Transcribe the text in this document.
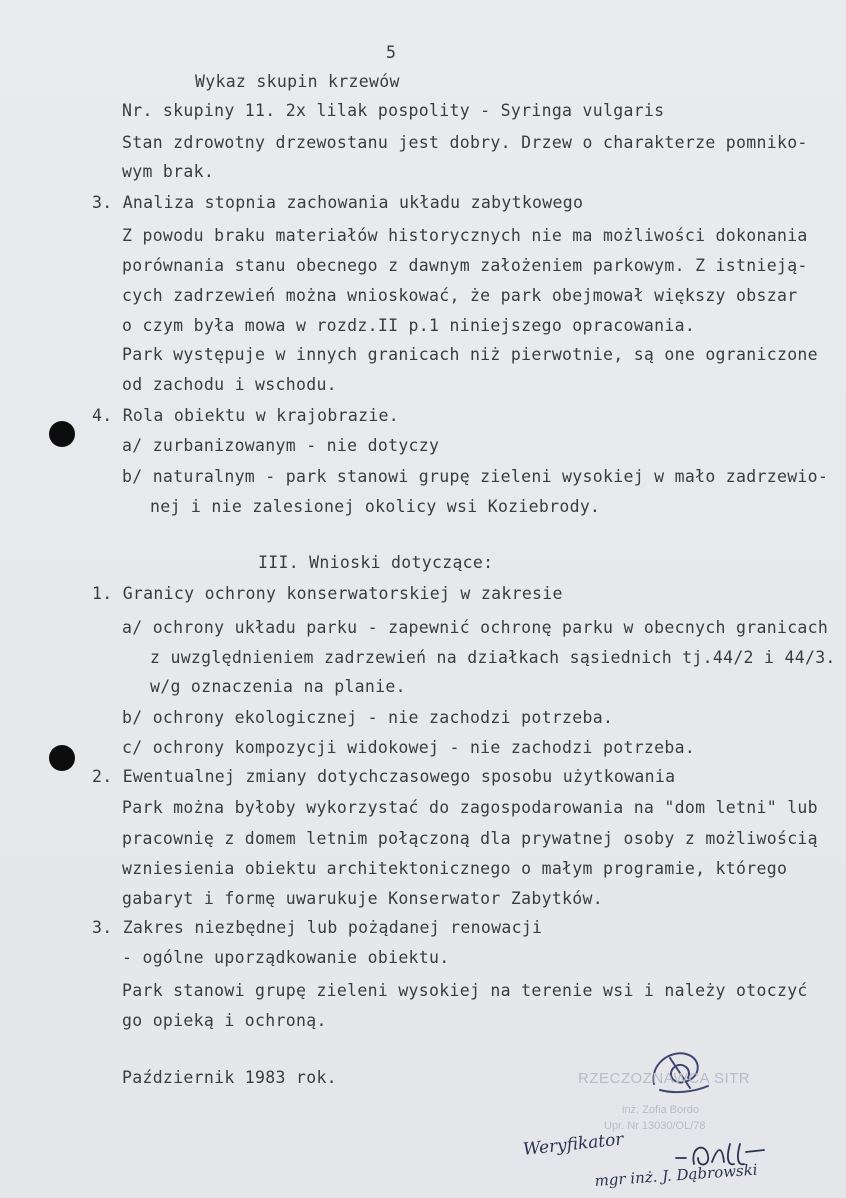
5
Wykaz skupin krzewów
Nr. skupiny 11. 2x lilak pospolity - Syringa vulgaris
Stan zdrowotny drzewostanu jest dobry. Drzew o charakterze pomniko-
wym brak.
3. Analiza stopnia zachowania układu zabytkowego
Z powodu braku materiałów historycznych nie ma możliwości dokonania
porównania stanu obecnego z dawnym założeniem parkowym. Z istnieją-
cych zadrzewień można wnioskować, że park obejmował większy obszar
o czym była mowa w rozdz.II p.1 niniejszego opracowania.
Park występuje w innych granicach niż pierwotnie, są one ograniczone
od zachodu i wschodu.
4. Rola obiektu w krajobrazie.
a/ zurbanizowanym - nie dotyczy
b/ naturalnym - park stanowi grupę zieleni wysokiej w mało zadrzewio-
nej i nie zalesionej okolicy wsi Koziebrody.
III. Wnioski dotyczące:
1. Granicy ochrony konserwatorskiej w zakresie
a/ ochrony układu parku - zapewnić ochronę parku w obecnych granicach
z uwzględnieniem zadrzewień na działkach sąsiednich tj.44/2 i 44/3.
w/g oznaczenia na planie.
b/ ochrony ekologicznej - nie zachodzi potrzeba.
c/ ochrony kompozycji widokowej - nie zachodzi potrzeba.
2. Ewentualnej zmiany dotychczasowego sposobu użytkowania
Park można byłoby wykorzystać do zagospodarowania na "dom letni" lub
pracownię z domem letnim połączoną dla prywatnej osoby z możliwością
wzniesienia obiektu architektonicznego o małym programie, którego
gabaryt i formę uwarukuje Konserwator Zabytków.
3. Zakres niezbędnej lub pożądanej renowacji
- ogólne uporządkowanie obiektu.
Park stanowi grupę zieleni wysokiej na terenie wsi i należy otoczyć
go opieką i ochroną.
Październik 1983 rok.	RZECZOZNAWCA SITR
inż. Zofia Bordo
Upr. Nr 13030/OL/78
Weryfikator
mgr inż. J. Dąbrowski
